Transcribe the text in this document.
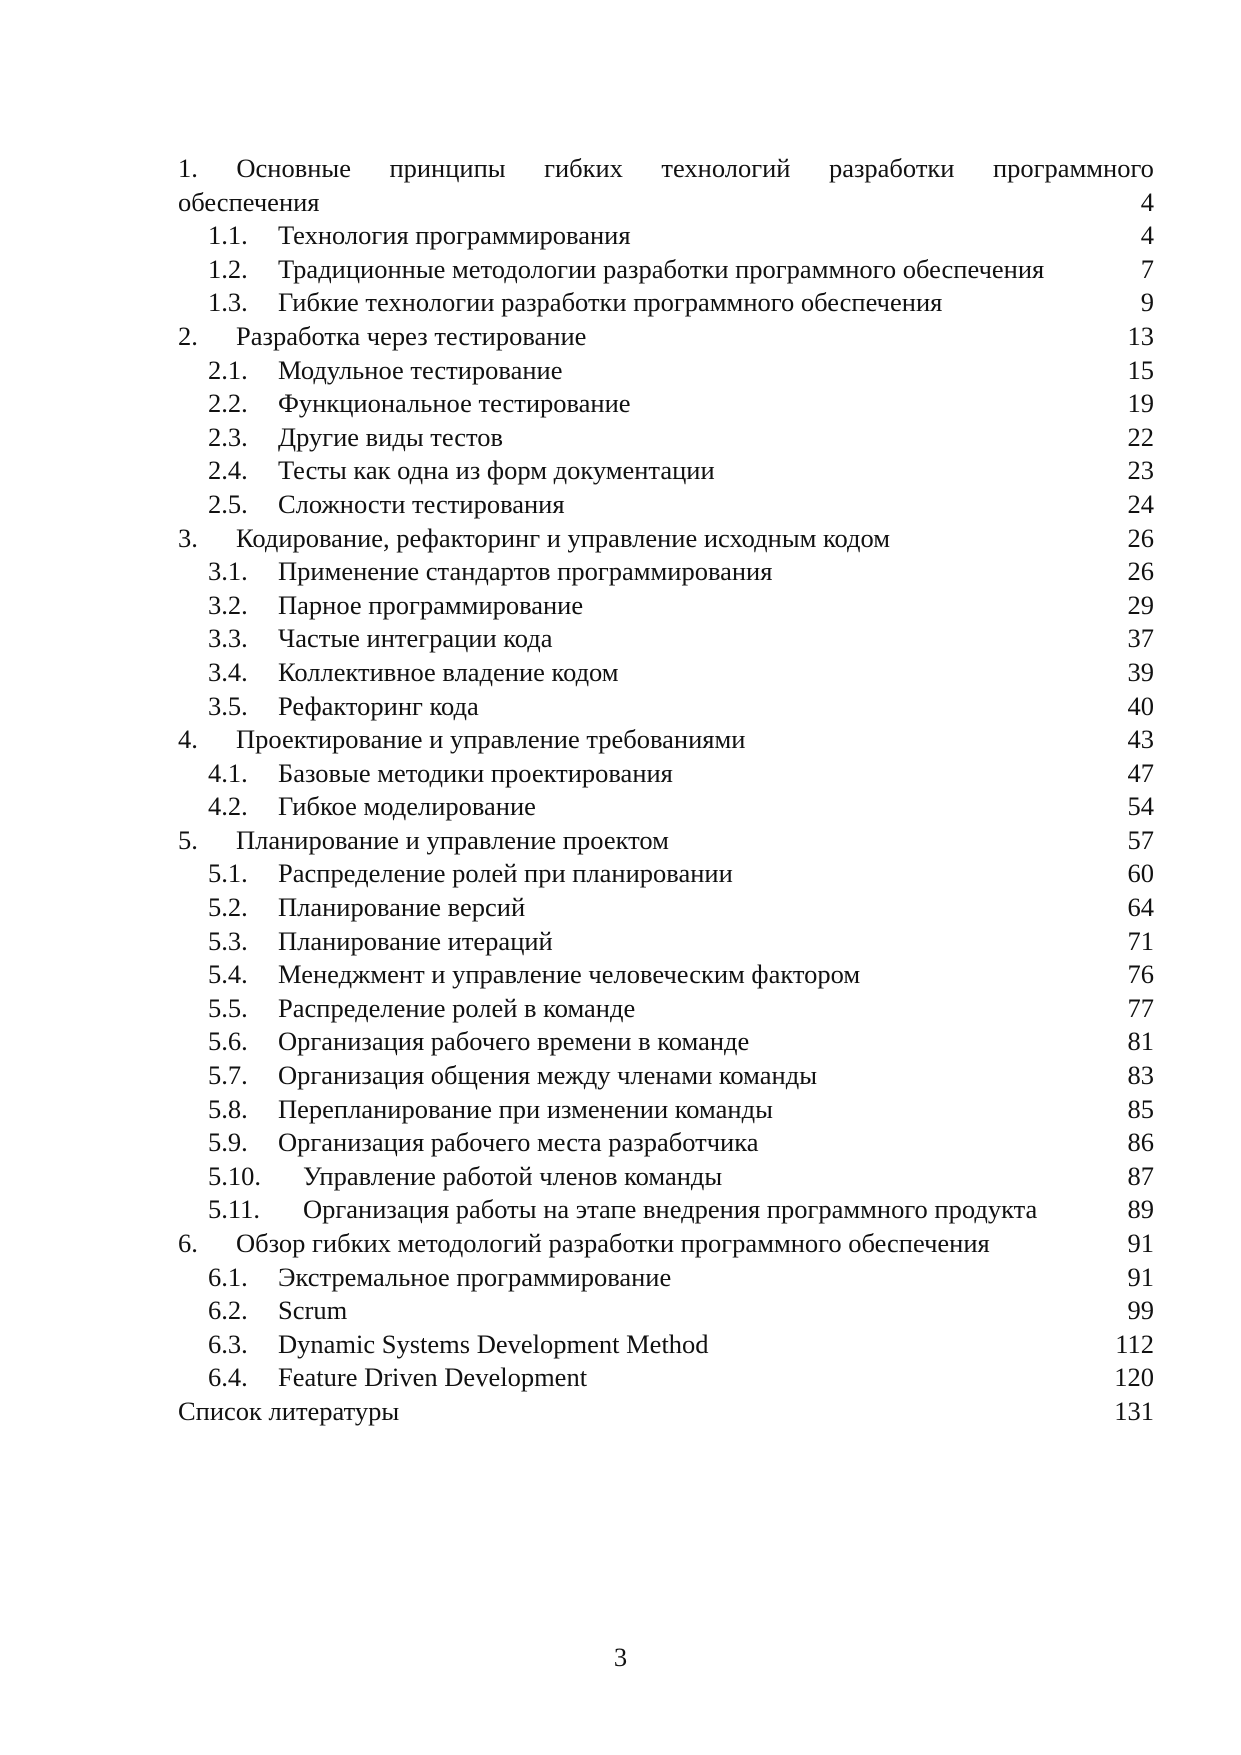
1. Основные принципы гибких технологий разработки программного
обеспечения	4
1.1.	Технология программирования	4
1.2.	Традиционные методологии разработки программного обеспечения	7
1.3.	Гибкие технологии разработки программного обеспечения	9
2.	Разработка через тестирование	13
2.1.	Модульное тестирование	15
2.2.	Функциональное тестирование	19
2.3.	Другие виды тестов	22
2.4.	Тесты как одна из форм документации	23
2.5.	Сложности тестирования	24
3.	Кодирование, рефакторинг и управление исходным кодом	26
3.1.	Применение стандартов программирования	26
3.2.	Парное программирование	29
3.3.	Частые интеграции кода	37
3.4.	Коллективное владение кодом	39
3.5.	Рефакторинг кода	40
4.	Проектирование и управление требованиями	43
4.1.	Базовые методики проектирования	47
4.2.	Гибкое моделирование	54
5.	Планирование и управление проектом	57
5.1.	Распределение ролей при планировании	60
5.2.	Планирование версий	64
5.3.	Планирование итераций	71
5.4.	Менеджмент и управление человеческим фактором	76
5.5.	Распределение ролей в команде	77
5.6.	Организация рабочего времени в команде	81
5.7.	Организация общения между членами команды	83
5.8.	Перепланирование при изменении команды	85
5.9.	Организация рабочего места разработчика	86
5.10.	Управление работой членов команды	87
5.11.	Организация работы на этапе внедрения программного продукта	89
6.	Обзор гибких методологий разработки программного обеспечения	91
6.1.	Экстремальное программирование	91
6.2.	Scrum	99
6.3.	Dynamic Systems Development Method	112
6.4.	Feature Driven Development	120
Список литературы	131
3
